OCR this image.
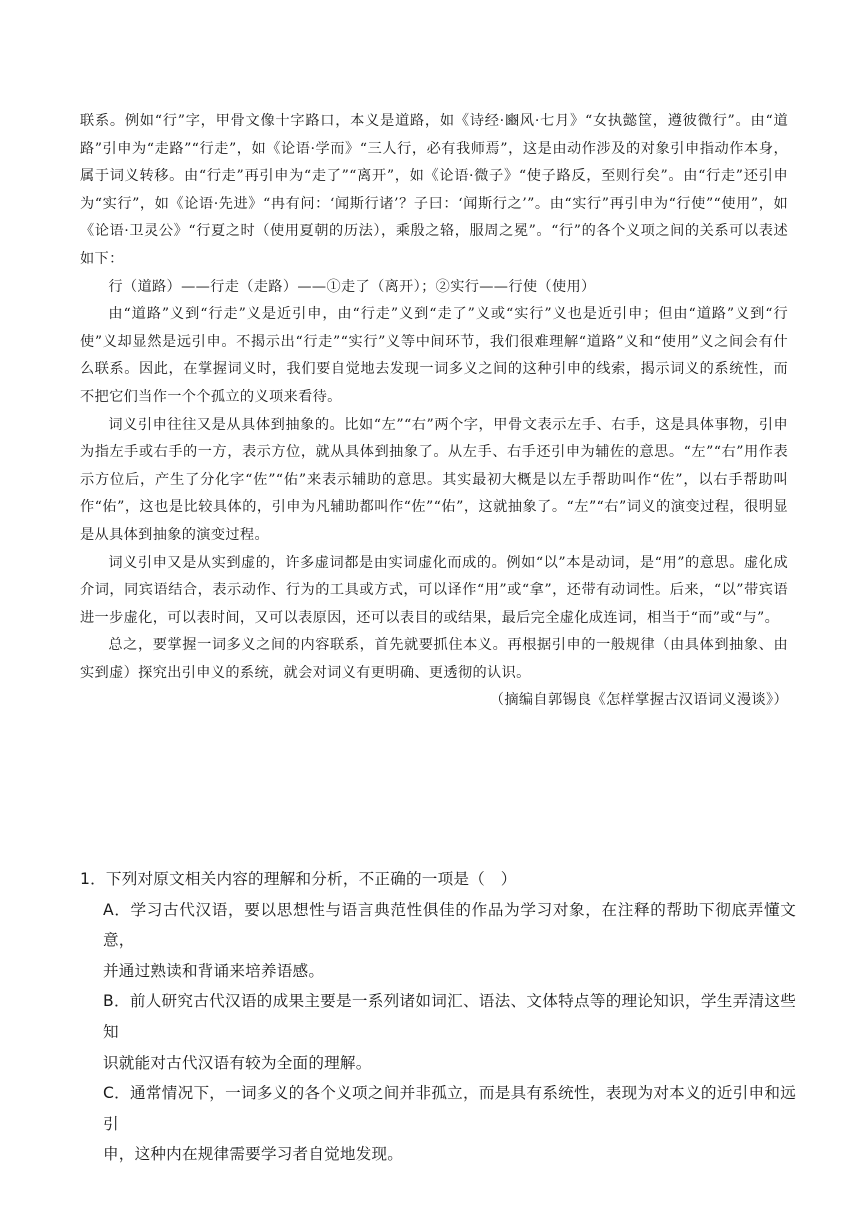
联系。例如“行”字，甲骨文像十字路口，本义是道路，如《诗经·豳风·七月》“女执懿筐，遵彼微行”。由“道路”引申为“走路”“行走”，如《论语·学而》“三人行，必有我师焉”，这是由动作涉及的对象引申指动作本身，属于词义转移。由“行走”再引申为“走了”“离开”，如《论语·微子》“使子路反，至则行矣”。由“行走”还引申为“实行”，如《论语·先进》“冉有问：‘闻斯行诸’？子曰：‘闻斯行之’”。由“实行”再引申为“行使”“使用”，如《论语·卫灵公》“行夏之时（使用夏朝的历法），乘殷之辂，服周之冕”。“行”的各个义项之间的关系可以表述如下：

行（道路）——行走（走路）——①走了（离开）；②实行——行使（使用）

由“道路”义到“行走”义是近引申，由“行走”义到“走了”义或“实行”义也是近引申；但由“道路”义到“行使”义却显然是远引申。不揭示出“行走”“实行”义等中间环节，我们很难理解“道路”义和“使用”义之间会有什么联系。因此，在掌握词义时，我们要自觉地去发现一词多义之间的这种引申的线索，揭示词义的系统性，而不把它们当作一个个孤立的义项来看待。

词义引申往往又是从具体到抽象的。比如“左”“右”两个字，甲骨文表示左手、右手，这是具体事物，引申为指左手或右手的一方，表示方位，就从具体到抽象了。从左手、右手还引申为辅佐的意思。“左”“右”用作表示方位后，产生了分化字“佐”“佑”来表示辅助的意思。其实最初大概是以左手帮助叫作“佐”，以右手帮助叫作“佑”，这也是比较具体的，引申为凡辅助都叫作“佐”“佑”，这就抽象了。“左”“右”词义的演变过程，很明显是从具体到抽象的演变过程。

词义引申又是从实到虚的，许多虚词都是由实词虚化而成的。例如“以”本是动词，是“用”的意思。虚化成介词，同宾语结合，表示动作、行为的工具或方式，可以译作“用”或“拿”，还带有动词性。后来，“以”带宾语进一步虚化，可以表时间，又可以表原因，还可以表目的或结果，最后完全虚化成连词，相当于“而”或“与”。

总之，要掌握一词多义之间的内容联系，首先就要抓住本义。再根据引申的一般规律（由具体到抽象、由实到虚）探究出引申义的系统，就会对词义有更明确、更透彻的认识。

（摘编自郭锡良《怎样掌握古汉语词义漫谈》）

1．下列对原文相关内容的理解和分析，不正确的一项是（　）

A．学习古代汉语，要以思想性与语言典范性俱佳的作品为学习对象，在注释的帮助下彻底弄懂文意，
并通过熟读和背诵来培养语感。
B．前人研究古代汉语的成果主要是一系列诸如词汇、语法、文体特点等的理论知识，学生弄清这些知
识就能对古代汉语有较为全面的理解。
C．通常情况下，一词多义的各个义项之间并非孤立，而是具有系统性，表现为对本义的近引申和远引
申，这种内在规律需要学习者自觉地发现。
